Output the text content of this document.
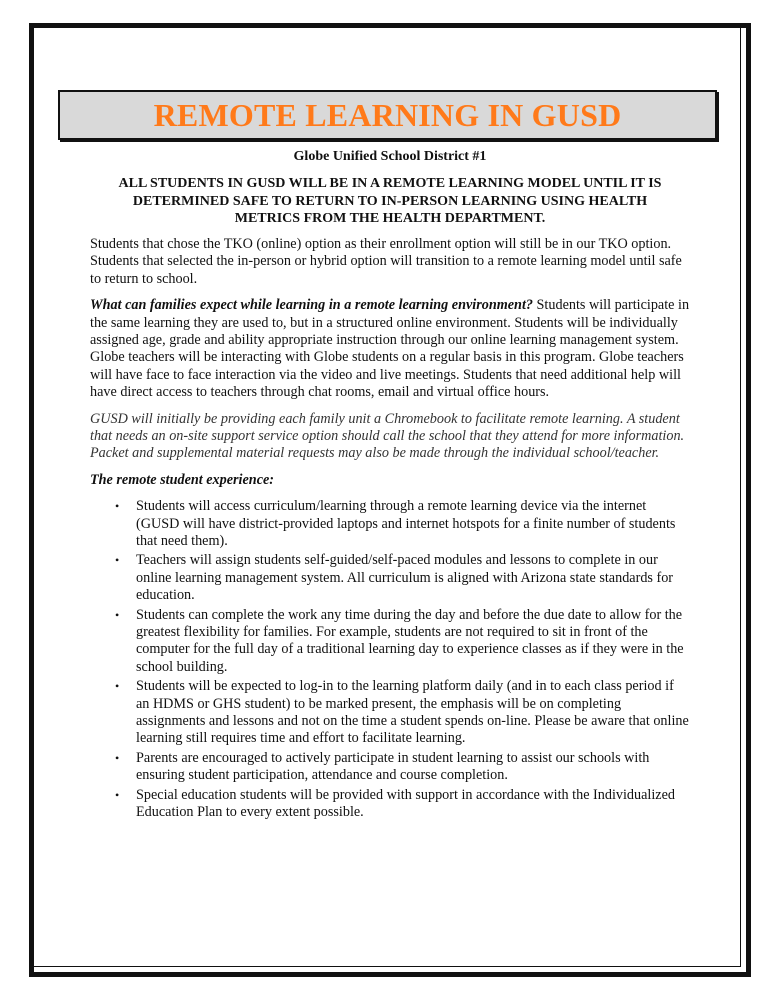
REMOTE LEARNING IN GUSD
Globe Unified School District #1
ALL STUDENTS IN GUSD WILL BE IN A REMOTE LEARNING MODEL UNTIL IT IS DETERMINED SAFE TO RETURN TO IN-PERSON LEARNING USING HEALTH METRICS FROM THE HEALTH DEPARTMENT.

Students that chose the TKO (online) option as their enrollment option will still be in our TKO option. Students that selected the in-person or hybrid option will transition to a remote learning model until safe to return to school.

What can families expect while learning in a remote learning environment? Students will participate in the same learning they are used to, but in a structured online environment. Students will be individually assigned age, grade and ability appropriate instruction through our online learning management system. Globe teachers will be interacting with Globe students on a regular basis in this program. Globe teachers will have face to face interaction via the video and live meetings. Students that need additional help will have direct access to teachers through chat rooms, email and virtual office hours.

GUSD will initially be providing each family unit a Chromebook to facilitate remote learning. A student that needs an on-site support service option should call the school that they attend for more information. Packet and supplemental material requests may also be made through the individual school/teacher.

The remote student experience:

• Students will access curriculum/learning through a remote learning device via the internet (GUSD will have district-provided laptops and internet hotspots for a finite number of students that need them).
• Teachers will assign students self-guided/self-paced modules and lessons to complete in our online learning management system. All curriculum is aligned with Arizona state standards for education.
• Students can complete the work any time during the day and before the due date to allow for the greatest flexibility for families. For example, students are not required to sit in front of the computer for the full day of a traditional learning day to experience classes as if they were in the school building.
• Students will be expected to log-in to the learning platform daily (and in to each class period if an HDMS or GHS student) to be marked present, the emphasis will be on completing assignments and lessons and not on the time a student spends on-line. Please be aware that online learning still requires time and effort to facilitate learning.
• Parents are encouraged to actively participate in student learning to assist our schools with ensuring student participation, attendance and course completion.
• Special education students will be provided with support in accordance with the Individualized Education Plan to every extent possible.
